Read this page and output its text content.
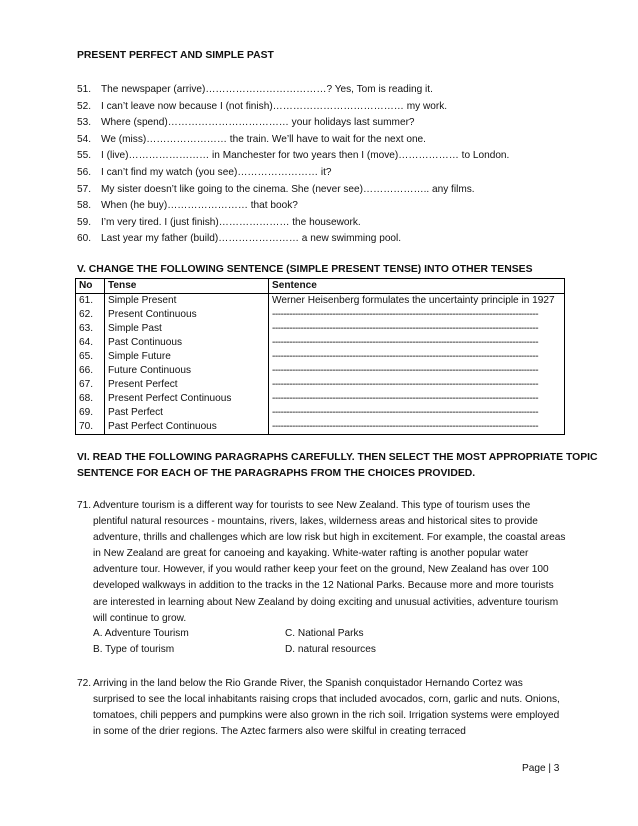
PRESENT PERFECT AND SIMPLE PAST
51. The newspaper (arrive)………………………………? Yes, Tom is reading it.
52. I can’t leave now because I (not finish)………………………………… my work.
53. Where (spend)……………………………… your holidays last summer?
54. We (miss)…………………… the train. We’ll have to wait for the next one.
55. I (live)…………………… in Manchester for two years then I (move)……………… to London.
56. I can’t find my watch (you see)…………………… it?
57. My sister doesn’t like going to the cinema. She (never see)……………….. any films.
58. When (he buy)…………………… that book?
59. I’m very tired. I (just finish)………………… the housework.
60. Last year my father (build)…………………… a new swimming pool.
V. CHANGE THE FOLLOWING SENTENCE (SIMPLE PRESENT TENSE) INTO OTHER TENSES
No	Tense	Sentence
61.	Simple Present	Werner Heisenberg formulates the uncertainty principle in 1927
62.	Present Continuous	---------------------------------------------------------------------------------------------
63.	Simple Past	---------------------------------------------------------------------------------------------
64.	Past Continuous	---------------------------------------------------------------------------------------------
65.	Simple Future	---------------------------------------------------------------------------------------------
66.	Future Continuous	---------------------------------------------------------------------------------------------
67.	Present Perfect	---------------------------------------------------------------------------------------------
68.	Present Perfect Continuous	---------------------------------------------------------------------------------------------
69.	Past Perfect	---------------------------------------------------------------------------------------------
70.	Past Perfect Continuous	---------------------------------------------------------------------------------------------
VI. READ THE FOLLOWING PARAGRAPHS CAREFULLY. THEN SELECT THE MOST APPROPRIATE TOPIC
SENTENCE FOR EACH OF THE PARAGRAPHS FROM THE CHOICES PROVIDED.
71. Adventure tourism is a different way for tourists to see New Zealand. This type of tourism uses the plentiful natural resources - mountains, rivers, lakes, wilderness areas and historical sites to provide adventure, thrills and challenges which are low risk but high in excitement. For example, the coastal areas in New Zealand are great for canoeing and kayaking. White-water rafting is another popular water adventure tour. However, if you would rather keep your feet on the ground, New Zealand has over 100 developed walkways in addition to the tracks in the 12 National Parks. Because more and more tourists are interested in learning about New Zealand by doing exciting and unusual activities, adventure tourism will continue to grow.
A. Adventure Tourism	C. National Parks
B. Type of tourism	D. natural resources
72. Arriving in the land below the Rio Grande River, the Spanish conquistador Hernando Cortez was surprised to see the local inhabitants raising crops that included avocados, corn, garlic and nuts. Onions, tomatoes, chili peppers and pumpkins were also grown in the rich soil. Irrigation systems were employed in some of the drier regions. The Aztec farmers also were skilful in creating terraced
Page | 3
